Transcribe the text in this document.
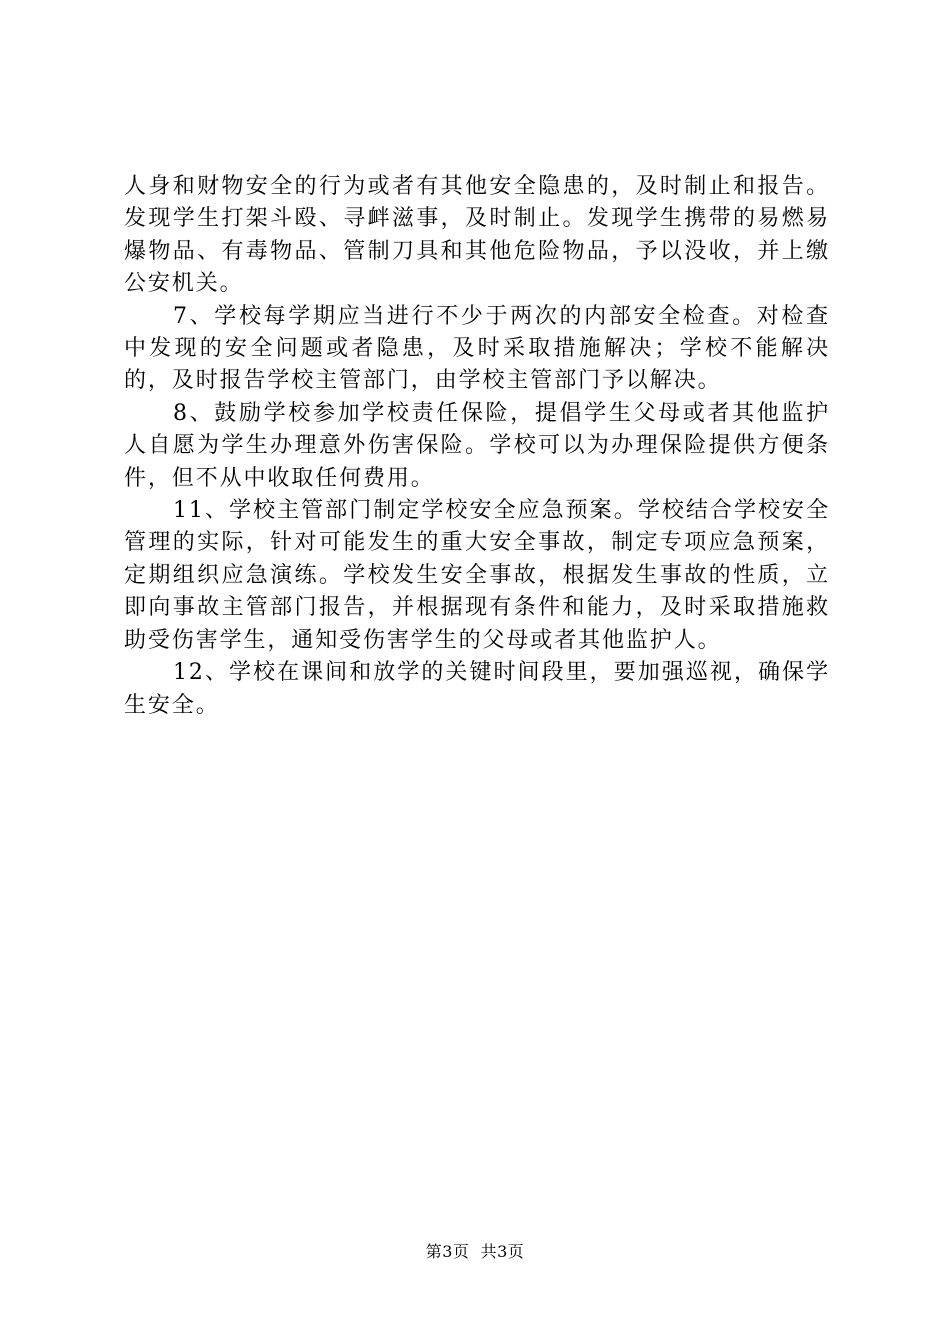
人身和财物安全的行为或者有其他安全隐患的，及时制止和报告。发现学生打架斗殴、寻衅滋事，及时制止。发现学生携带的易燃易爆物品、有毒物品、管制刀具和其他危险物品，予以没收，并上缴公安机关。

7、学校每学期应当进行不少于两次的内部安全检查。对检查中发现的安全问题或者隐患，及时采取措施解决；学校不能解决的，及时报告学校主管部门，由学校主管部门予以解决。

8、鼓励学校参加学校责任保险，提倡学生父母或者其他监护人自愿为学生办理意外伤害保险。学校可以为办理保险提供方便条件，但不从中收取任何费用。

11、学校主管部门制定学校安全应急预案。学校结合学校安全管理的实际，针对可能发生的重大安全事故，制定专项应急预案，定期组织应急演练。学校发生安全事故，根据发生事故的性质，立即向事故主管部门报告，并根据现有条件和能力，及时采取措施救助受伤害学生，通知受伤害学生的父母或者其他监护人。

12、学校在课间和放学的关键时间段里，要加强巡视，确保学生安全。

第3页  共3页
